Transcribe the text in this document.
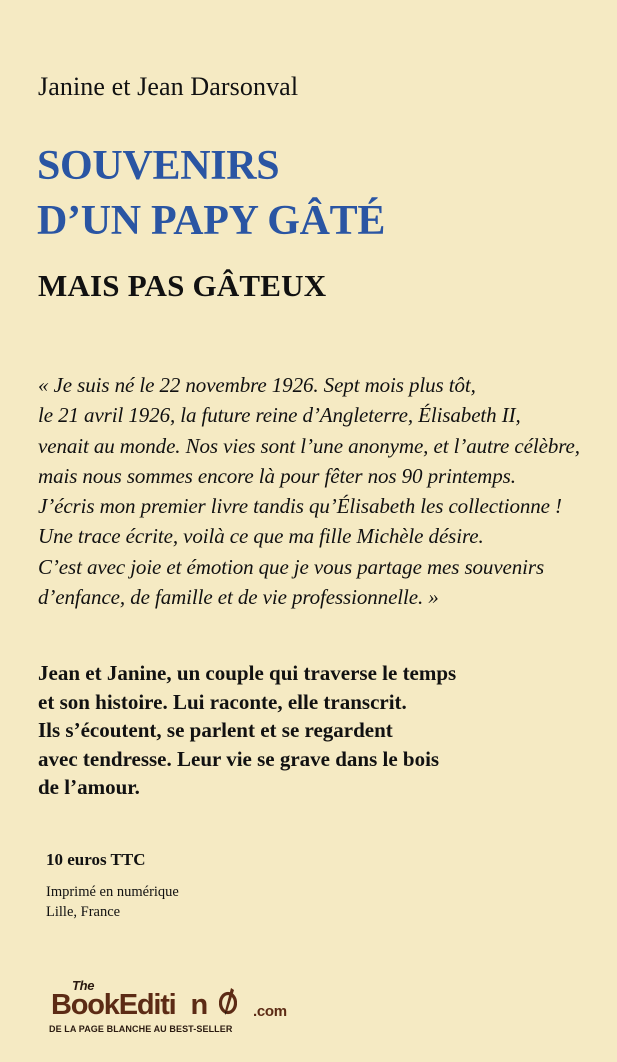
Janine et Jean Darsonval
SOUVENIRS
D’UN PAPY GÂTÉ
MAIS PAS GÂTEUX
« Je suis né le 22 novembre 1926. Sept mois plus tôt,
le 21 avril 1926, la future reine d’Angleterre, Élisabeth II,
venait au monde. Nos vies sont l’une anonyme, et l’autre célèbre,
mais nous sommes encore là pour fêter nos 90 printemps.
J’écris mon premier livre tandis qu’Élisabeth les collectionne !
Une trace écrite, voilà ce que ma fille Michèle désire.
C’est avec joie et émotion que je vous partage mes souvenirs
d’enfance, de famille et de vie professionnelle. »
Jean et Janine, un couple qui traverse le temps
et son histoire. Lui raconte, elle transcrit.
Ils s’écoutent, se parlent et se regardent
avec tendresse. Leur vie se grave dans le bois
de l’amour.
10 euros TTC
Imprimé en numérique
Lille, France
The
BookEditi n	.com
DE LA PAGE BLANCHE AU BEST-SELLER
